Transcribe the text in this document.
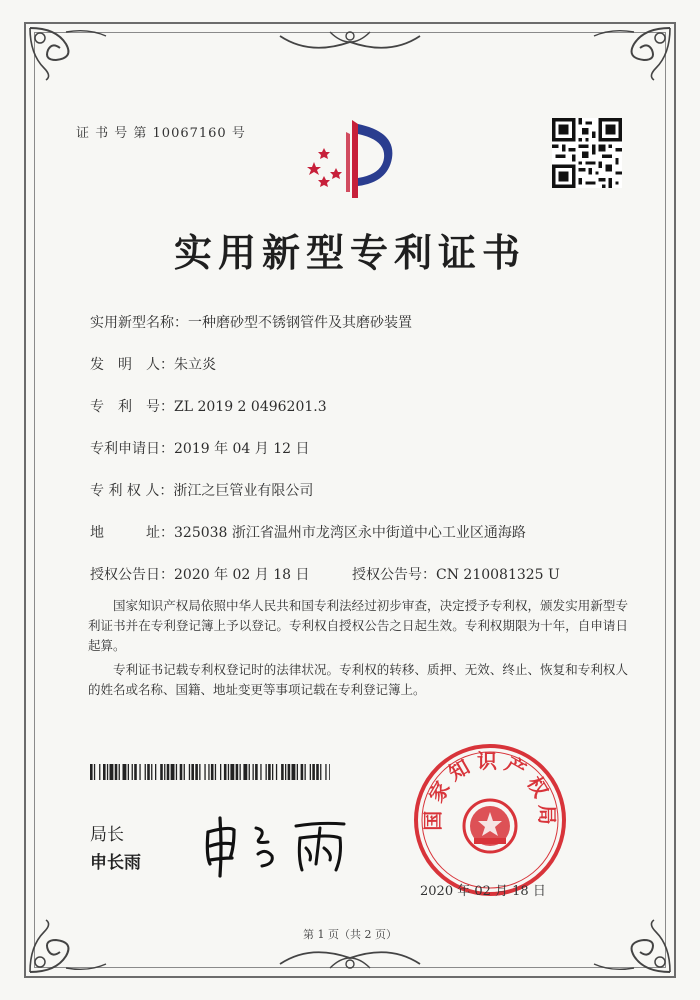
证 书 号 第 10067160 号
实用新型专利证书
实用新型名称：一种磨砂型不锈钢管件及其磨砂装置
发　明　人：朱立炎
专　利　号：ZL 2019 2 0496201.3
专利申请日：2019 年 04 月 12 日
专 利 权 人：浙江之巨管业有限公司
地　　　址：325038 浙江省温州市龙湾区永中街道中心工业区通海路
授权公告日：2020 年 02 月 18 日	授权公告号：CN 210081325 U
国家知识产权局依照中华人民共和国专利法经过初步审查，决定授予专利权，颁发实用新型专利证书并在专利登记簿上予以登记。专利权自授权公告之日起生效。专利权期限为十年，自申请日起算。
专利证书记载专利权登记时的法律状况。专利权的转移、质押、无效、终止、恢复和专利权人的姓名或名称、国籍、地址变更等事项记载在专利登记簿上。
局长
申长雨
国家知识产权局
2020 年 02 月 18 日
第 1 页（共 2 页）
